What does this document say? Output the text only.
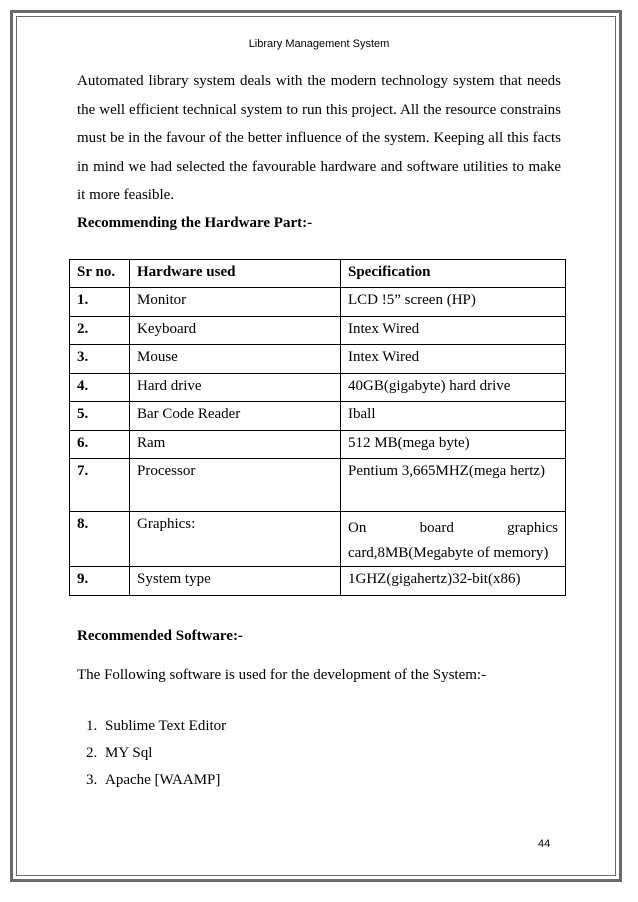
Library Management System

Automated library system deals with the modern technology system that needs the well efficient technical system to run this project. All the resource constrains must be in the favour of the better influence of the system. Keeping all this facts in mind we had selected the favourable hardware and software utilities to make it more feasible.

Recommending the Hardware Part:-

Sr no.	Hardware used	Specification
1.	Monitor	LCD !5” screen (HP)
2.	Keyboard	Intex Wired
3.	Mouse	Intex Wired
4.	Hard drive	40GB(gigabyte) hard drive
5.	Bar Code Reader	Iball
6.	Ram	512 MB(mega byte)
7.	Processor	Pentium 3,665MHZ(mega hertz)
8.	Graphics:	On board graphics
card,8MB(Megabyte of memory)

9.	System type	1GHZ(gigahertz)32-bit(x86)

Recommended Software:-

The Following software is used for the development of the System:-

1. Sublime Text Editor
2. MY Sql
3. Apache [WAAMP]
44
